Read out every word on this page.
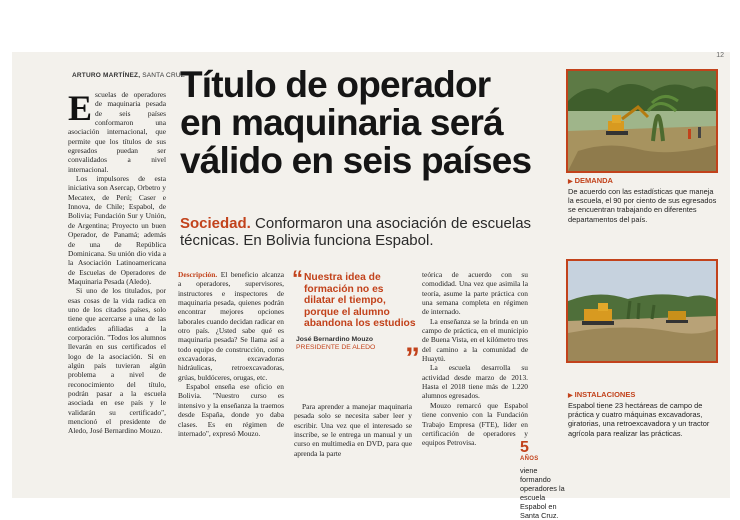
12
ARTURO MARTÍNEZ, SANTA CRUZ
Título de operador
en maquinaria será
válido en seis países
Sociedad. Conformaron una asociación de escuelas técnicas. En Bolivia funciona Espabol.
E scuelas de operadores de maquinaria pesada de seis países conformaron una asociación internacional, que permite que los títulos de sus egresados puedan ser convalidados a nivel internacional.

Los impulsores de esta iniciativa son Asercap, Orbetro y Mecatex, de Perú; Caser e Innova, de Chile; Espabol, de Bolivia; Fundación Sur y Unión, de Argentina; Proyecto un buen Operador, de Panamá; además de una de República Dominicana. Su unión dio vida a la Asociación Latinoamericana de Escuelas de Operadores de Maquinaria Pesada (Aledo).

Si uno de los titulados, por esas cosas de la vida radica en uno de los citados países, solo tiene que acercarse a una de las entidades afiliadas a la corporación. "Todos los alumnos llevarán en sus certificados el logo de la asociación. Si en algún país tuvieran algún problema a nivel de reconocimiento del título, podrán pasar a la escuela asociada en ese país y le validarán su certificado", mencionó el presidente de Aledo, José Bernardino Mouzo.

Descripción. El beneficio alcanza a operadores, supervisores, instructores e inspectores de maquinaria pesada, quienes podrán encontrar mejores opciones laborales cuando decidan radicar en otro país. ¿Usted sabe qué es maquinaria pesada? Se llama así a todo equipo de construcción, como excavadoras, excavadoras hidráulicas, retroexcavadoras, grúas, buldóceres, orugas, etc.

Espabol enseña ese oficio en Bolivia. "Nuestro curso es intensivo y la enseñanza la traemos desde España, donde yo daba clases. Es en régimen de internado", expresó Mouzo.

“ Nuestra idea de formación no es dilatar el tiempo, porque el alumno abandona los estudios
”
José Bernardino Mouzo
PRESIDENTE DE ALEDO

Para aprender a manejar maquinaria pesada solo se necesita saber leer y escribir. Una vez que el interesado se inscribe, se le entrega un manual y un curso en multimedia en DVD, para que aprenda la parte

teórica de acuerdo con su comodidad. Una vez que asimila la teoría, asume la parte práctica con una semana completa en régimen de internado.

La enseñanza se la brinda en un campo de práctica, en el municipio de Buena Vista, en el kilómetro tres del camino a la comunidad de Huaytú.

La escuela desarrolla su actividad desde marzo de 2013. Hasta el 2018 tiene más de 1.220 alumnos egresados.

Mouzo remarcó que Espabol tiene convenio con la Fundación Trabajo Empresa (FTE), líder en certificación de operadores y equipos Petrovisa.	5
AÑOS
viene formando operadores la escuela Espabol en Santa Cruz.
▶ DEMANDA
De acuerdo con las estadísticas que maneja la escuela, el 90 por ciento de sus egresados se encuentran trabajando en diferentes departamentos del país.
▶ INSTALACIONES
Espabol tiene 23 hectáreas de campo de práctica y cuatro máquinas excavadoras, giratorias, una retroexcavadora y un tractor agrícola para realizar las prácticas.
